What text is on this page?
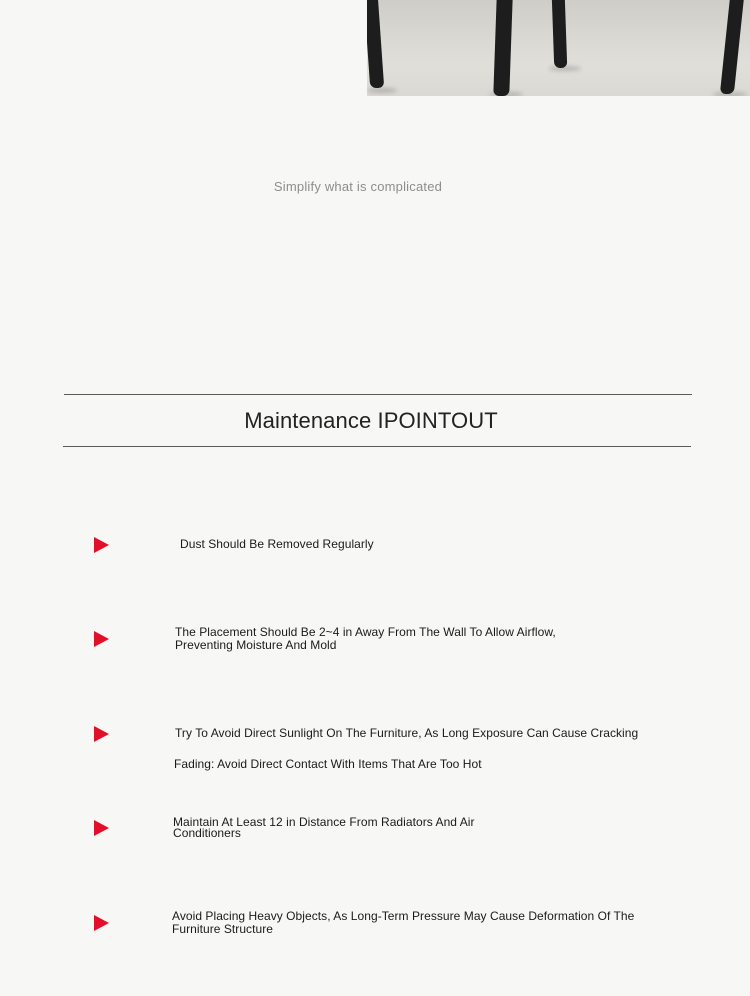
Simplify what is complicated
Maintenance IPOINTOUT

Dust Should Be Removed Regularly

The Placement Should Be 2~4 in Away From The Wall To Allow Airflow,
Preventing Moisture And Mold

Try To Avoid Direct Sunlight On The Furniture, As Long Exposure Can Cause Cracking

Fading: Avoid Direct Contact With Items That Are Too Hot

Maintain At Least 12 in Distance From Radiators And Air
Conditioners

Avoid Placing Heavy Objects, As Long-Term Pressure May Cause Deformation Of The
Furniture Structure
